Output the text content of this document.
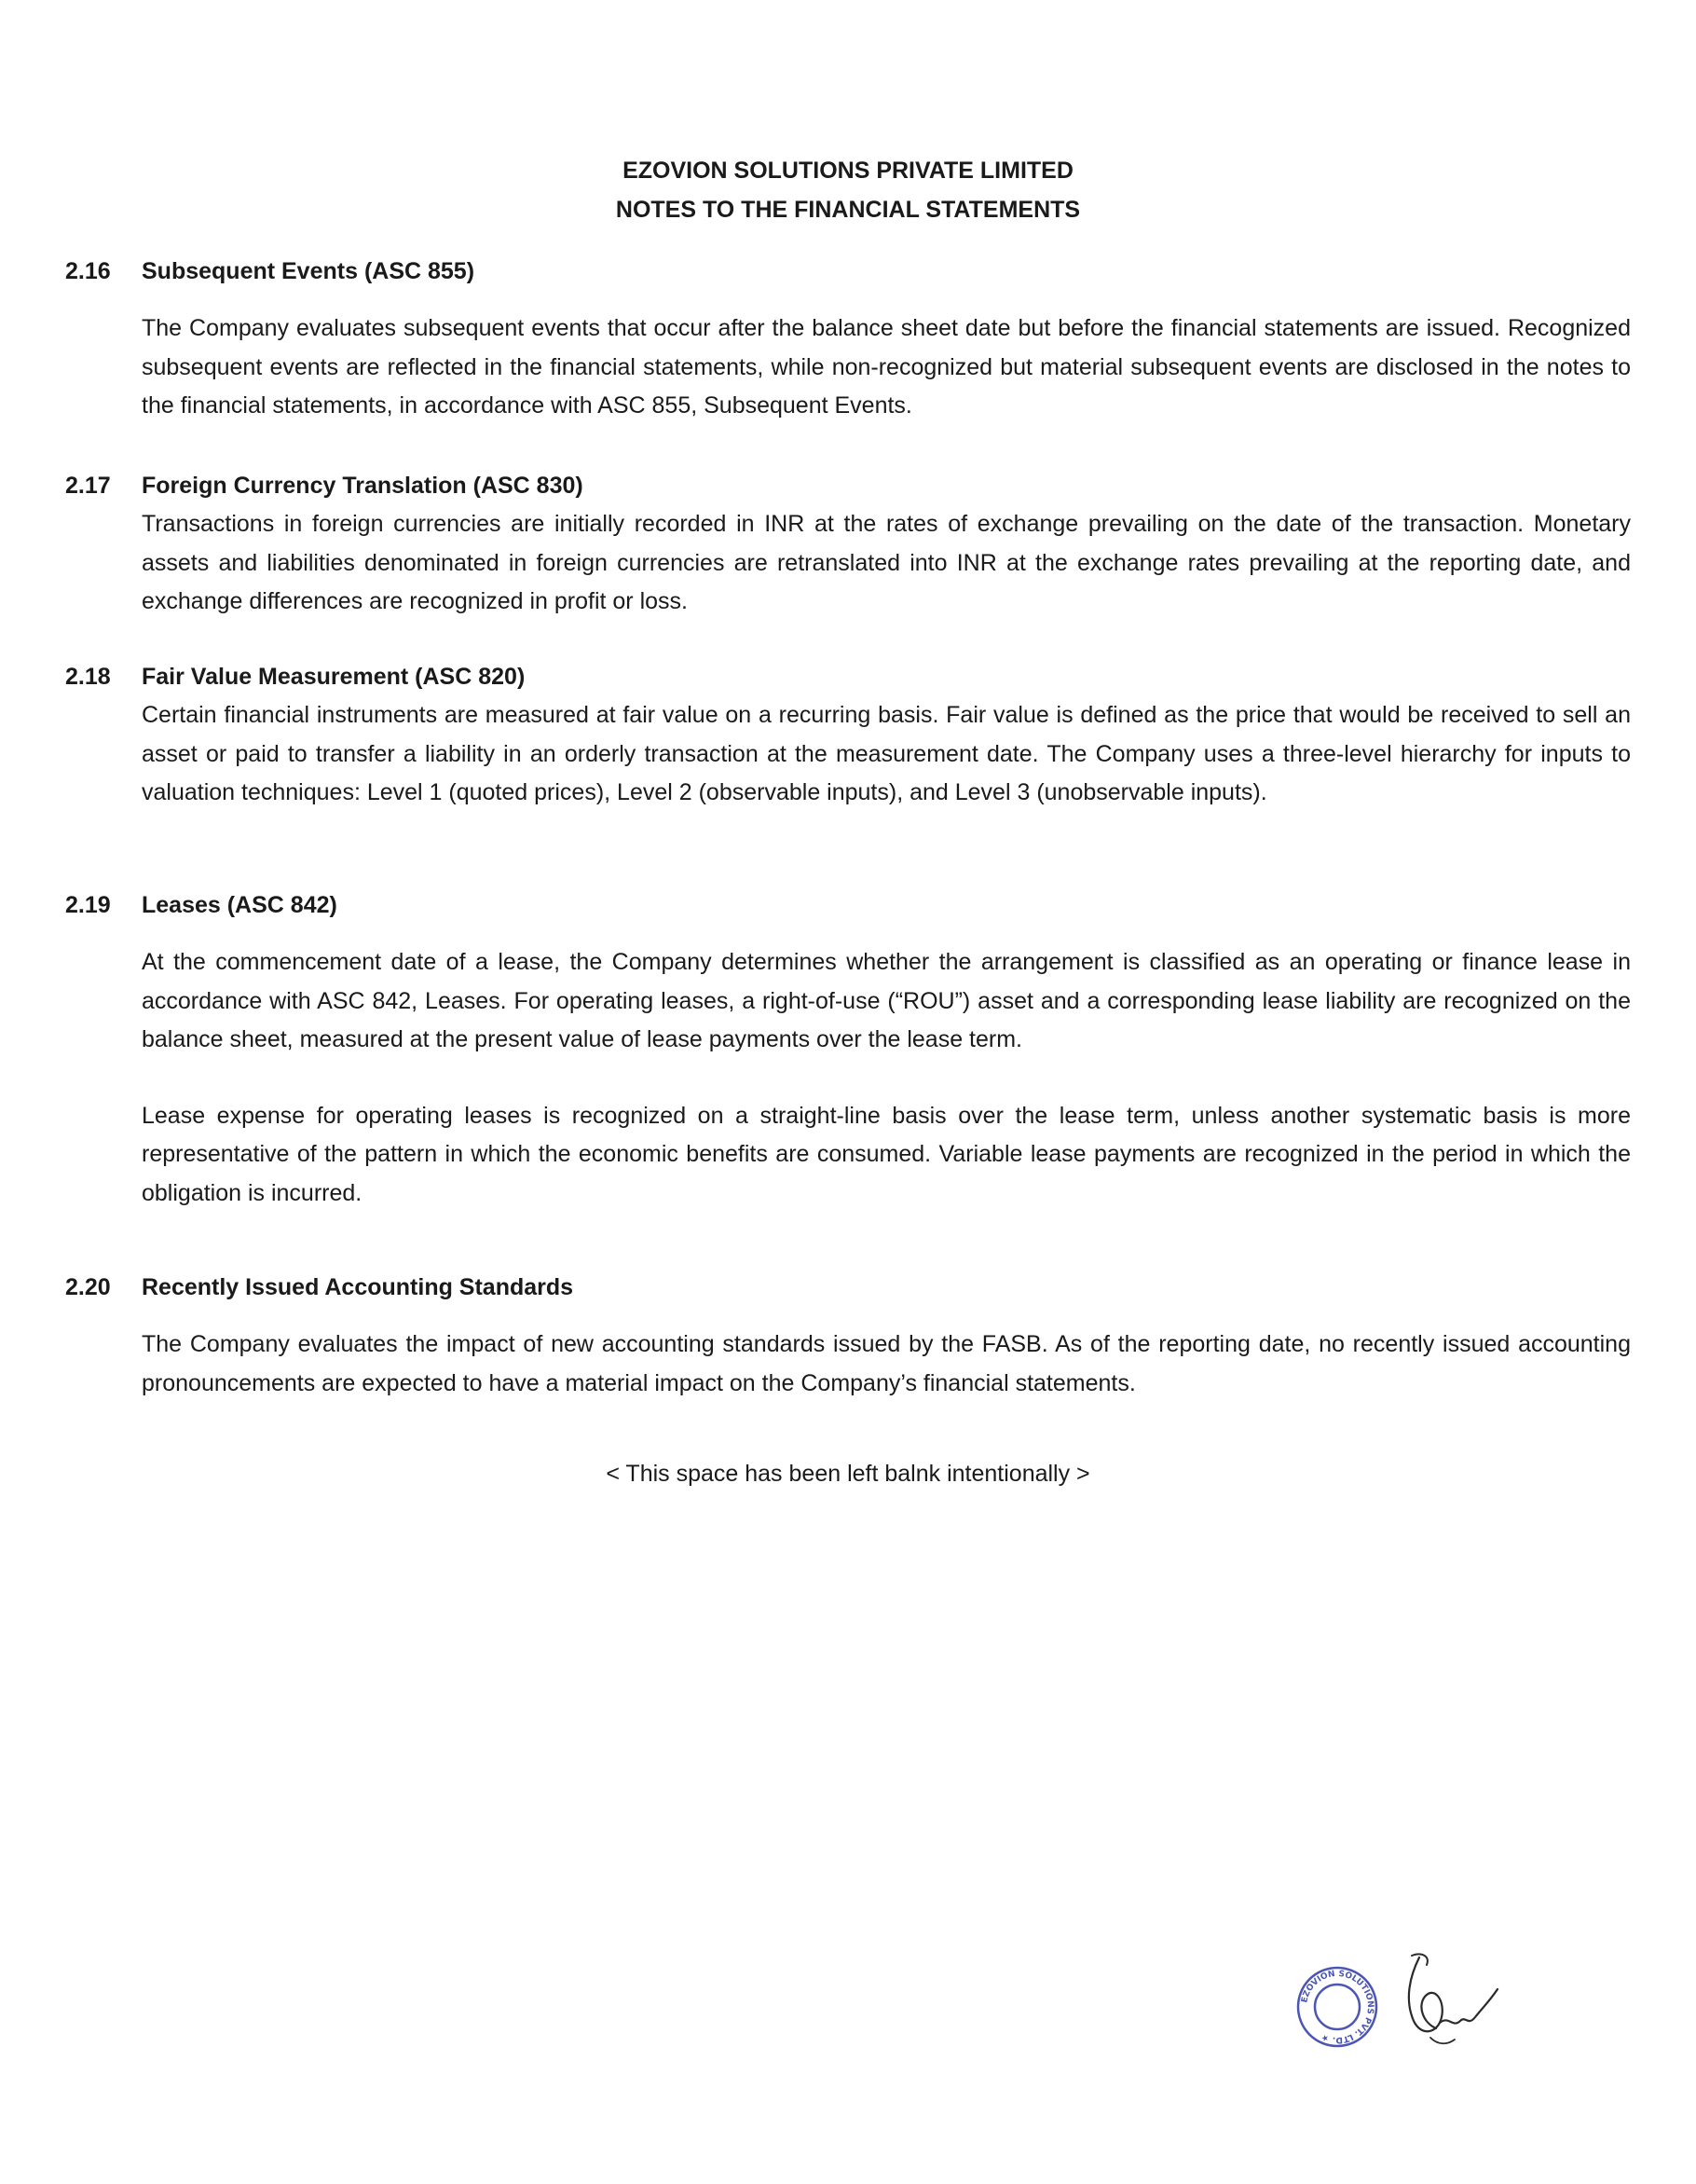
EZOVION SOLUTIONS PRIVATE LIMITED
NOTES TO THE FINANCIAL STATEMENTS
2.16	Subsequent Events (ASC 855)

The Company evaluates subsequent events that occur after the balance sheet date but before the financial statements are issued. Recognized subsequent events are reflected in the financial statements, while non-recognized but material subsequent events are disclosed in the notes to the financial statements, in accordance with ASC 855, Subsequent Events.

2.17	Foreign Currency Translation (ASC 830)

Transactions in foreign currencies are initially recorded in INR at the rates of exchange prevailing on the date of the transaction. Monetary assets and liabilities denominated in foreign currencies are retranslated into INR at the exchange rates prevailing at the reporting date, and exchange differences are recognized in profit or loss.

2.18	Fair Value Measurement (ASC 820)

Certain financial instruments are measured at fair value on a recurring basis. Fair value is defined as the price that would be received to sell an asset or paid to transfer a liability in an orderly transaction at the measurement date. The Company uses a three-level hierarchy for inputs to valuation techniques: Level 1 (quoted prices), Level 2 (observable inputs), and Level 3 (unobservable inputs).

2.19	Leases (ASC 842)

At the commencement date of a lease, the Company determines whether the arrangement is classified as an operating or finance lease in accordance with ASC 842, Leases. For operating leases, a right-of-use (“ROU”) asset and a corresponding lease liability are recognized on the balance sheet, measured at the present value of lease payments over the lease term.

Lease expense for operating leases is recognized on a straight-line basis over the lease term, unless another systematic basis is more representative of the pattern in which the economic benefits are consumed. Variable lease payments are recognized in the period in which the obligation is incurred.

2.20	Recently Issued Accounting Standards

The Company evaluates the impact of new accounting standards issued by the FASB. As of the reporting date, no recently issued accounting pronouncements are expected to have a material impact on the Company’s financial statements.

< This space has been left balnk intentionally >
EZOVION SOLUTIONS PVT. LTD. ★
